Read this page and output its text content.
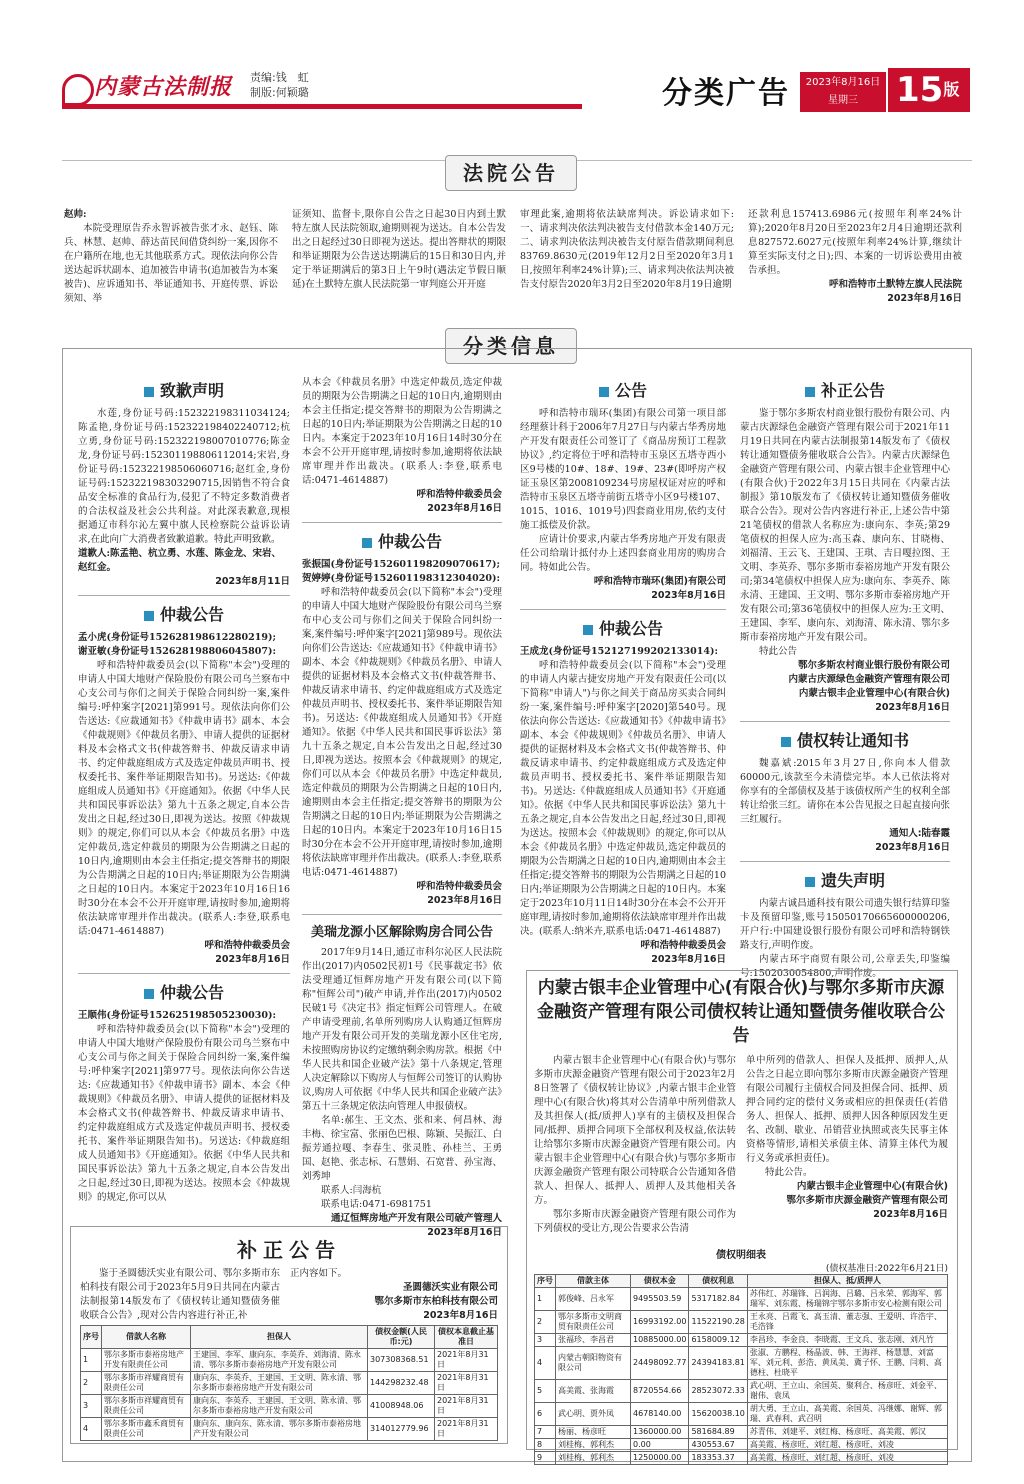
内蒙古法制报	责编:钱　虹
制版:何颖璐	分类广告	2023年8月16日
星期三	$15^版$
法院公告

赵帅:

本院受理原告乔永智诉被告张才永、赵钰、陈兵、林慧、赵帅、薛达苗民间借贷纠纷一案,因你不在户籍所在地,也无其他联系方式。现依法向你公告送达起诉状副本、追加被告申请书(追加被告为本案被告)、应诉通知书、举证通知书、开庭传票、诉讼须知、举

证须知、监督卡,限你自公告之日起30日内到土默特左旗人民法院领取,逾期则视为送达。自本公告发出之日起经过30日即视为送达。提出答辩状的期限和举证期限为公告送达期满后的15日和30日内,并定于举证期满后的第3日上午9时(遇法定节假日顺延)在土默特左旗人民法院第一审判庭公开开庭

审理此案,逾期将依法缺席判决。诉讼请求如下:一、请求判决依法判决被告支付借款本金140万元;二、请求判决依法判决被告支付原告借款期间利息83769.8630元(2019年12月2日至2020年3月1日,按照年利率24%计算);三、请求判决依法判决被告支付原告2020年3月2日至2020年8月19日逾期

还款利息157413.6986元(按照年利率24%计算);2020年8月20日至2023年2月4日逾期还款利息827572.6027元(按照年利率24%计算,继续计算至实际支付之日);四、本案的一切诉讼费用由被告承担。

呼和浩特市土默特左旗人民法院
2023年8月16日
分类信息
致歉声明

水莲,身份证号码:152322198311034124;陈孟艳,身份证号码:152322198402240712;杭立勇,身份证号码:152322198007010776;陈金龙,身份证号码:152301198806112014;宋岩,身份证号码:152322198506060716;赵红金,身份证号码:152322198303290715,因销售不符合食品安全标准的食品行为,侵犯了不特定多数消费者的合法权益及社会公共利益。对此深表歉意,现根据通辽市科尔沁左翼中旗人民检察院公益诉讼请求,在此向广大消费者致歉道歉。特此声明致歉。

道歉人:陈孟艳、杭立勇、水莲、陈金龙、宋岩、赵红金。

2023年8月11日
仲裁公告

孟小虎(身份证号152628198612280219);

谢亚敏(身份证号152628198806045807):

呼和浩特仲裁委员会(以下简称"本会")受理的申请人中国大地财产保险股份有限公司乌兰察布中心支公司与你们之间关于保险合同纠纷一案,案件编号:呼仲案字[2021]第991号。现依法向你们公告送达:《应裁通知书》《仲裁申请书》副本、本会《仲裁规则》《仲裁员名册》、申请人提供的证据材料及本会格式文书(仲裁答辩书、仲裁反请求申请书、约定仲裁庭组成方式及选定仲裁员声明书、授权委托书、案件举证期限告知书)。另送达:《仲裁庭组成人员通知书》《开庭通知》。依据《中华人民共和国民事诉讼法》第九十五条之规定,自本公告发出之日起,经过30日,即视为送达。按照《仲裁规则》的规定,你们可以从本会《仲裁员名册》中选定仲裁员,选定仲裁员的期限为公告期满之日起的10日内,逾期则由本会主任指定;提交答辩书的期限为公告期满之日起的10日内;举证期限为公告期满之日起的10日内。本案定于2023年10月16日16时30分在本会不公开开庭审理,请按时参加,逾期将依法缺席审理并作出裁决。(联系人:李登,联系电话:0471-4614887)

呼和浩特仲裁委员会
2023年8月16日
仲裁公告

王顺伟(身份证号152625198505230030):

呼和浩特仲裁委员会(以下简称"本会")受理的申请人中国大地财产保险股份有限公司乌兰察布中心支公司与你之间关于保险合同纠纷一案,案件编号:呼仲案字[2021]第977号。现依法向你公告送达:《应裁通知书》《仲裁申请书》副本、本会《仲裁规则》《仲裁员名册》、申请人提供的证据材料及本会格式文书(仲裁答辩书、仲裁反请求申请书、约定仲裁庭组成方式及选定仲裁员声明书、授权委托书、案件举证期限告知书)。另送达:《仲裁庭组成人员通知书》《开庭通知》。依据《中华人民共和国民事诉讼法》第九十五条之规定,自本公告发出之日起,经过30日,即视为送达。按照本会《仲裁规则》的规定,你可以从

从本会《仲裁员名册》中选定仲裁员,选定仲裁员的期限为公告期满之日起的10日内,逾期则由本会主任指定;提交答辩书的期限为公告期满之日起的10日内;举证期限为公告期满之日起的10日内。本案定于2023年10月16日14时30分在本会不公开开庭审理,请按时参加,逾期将依法缺席审理并作出裁决。(联系人:李登,联系电话:0471-4614887)

呼和浩特仲裁委员会
2023年8月16日
仲裁公告

张振国(身份证号152601198209070617);

贺婷婷(身份证号152601198312304020):

呼和浩特仲裁委员会(以下简称"本会")受理的申请人中国大地财产保险股份有限公司乌兰察布中心支公司与你们之间关于保险合同纠纷一案,案件编号:呼仲案字[2021]第989号。现依法向你们公告送达:《应裁通知书》《仲裁申请书》副本、本会《仲裁规则》《仲裁员名册》、申请人提供的证据材料及本会格式文书(仲裁答辩书、仲裁反请求申请书、约定仲裁庭组成方式及选定仲裁员声明书、授权委托书、案件举证期限告知书)。另送达:《仲裁庭组成人员通知书》《开庭通知》。依据《中华人民共和国民事诉讼法》第九十五条之规定,自本公告发出之日起,经过30日,即视为送达。按照本会《仲裁规则》的规定,你们可以从本会《仲裁员名册》中选定仲裁员,选定仲裁员的期限为公告期满之日起的10日内,逾期则由本会主任指定;提交答辩书的期限为公告期满之日起的10日内;举证期限为公告期满之日起的10日内。本案定于2023年10月16日15时30分在本会不公开开庭审理,请按时参加,逾期将依法缺席审理并作出裁决。(联系人:李登,联系电话:0471-4614887)

呼和浩特仲裁委员会
2023年8月16日
美瑞龙源小区解除购房合同公告

2017年9月14日,通辽市科尔沁区人民法院作出(2017)内0502民初1号《民事裁定书》依法受理通辽恒辉房地产开发有限公司(以下简称"恒辉公司")破产申请,并作出(2017)内0502民破1号《决定书》指定恒辉公司管理人。在破产申请受理前,名单所列购房人认购通辽恒辉房地产开发有限公司开发的美瑞龙源小区住宅房,未按照购房协议约定缴纳剩余购房款。根据《中华人民共和国企业破产法》第十八条规定,管理人决定解除以下购房人与恒辉公司签订的认购协议,购房人可依据《中华人民共和国企业破产法》第五十三条规定依法向管理人申报债权。

名单:郝生、王文杰、张和来、何昌林、海丰梅、徐宝富、张丽色巴根、陈颖、吴振江、白振芳通拉嘎、李春生、张灵胜、孙桂兰、王勇国、赵艳、张志标、石慧娟、石宽普、孙宝海、刘秀坤

联系人:闫海杭

联系电话:0471-6981751

通辽恒辉房地产开发有限公司破产管理人
2023年8月16日
公告

呼和浩特市瑞环(集团)有限公司第一项目部经理蔡计科于2006年7月27日与内蒙古华秀房地产开发有限责任公司签订了《商品房预订工程款协议》,约定将位于呼和浩特市玉泉区五塔寺西小区9号楼的10#、18#、19#、23#(即呼房产权证玉泉区第2008109234号房屋权证对应的呼和浩特市玉泉区五塔寺前街五塔寺小区9号楼107、1015、1016、1019号)四套商业用房,依约支付施工抵偿及价款。

应请计价要求,内蒙古华秀房地产开发有限责任公司给瑞计抵付办上述四套商业用房的购房合同。特如此公告。

呼和浩特市瑞环(集团)有限公司
2023年8月16日
仲裁公告

王成龙(身份证号152127199202133014):

呼和浩特仲裁委员会(以下简称"本会")受理的申请人内蒙古捷安房地产开发有限责任公司(以下简称"申请人")与你之间关于商品房买卖合同纠纷一案,案件编号:呼仲案字[2020]第540号。现依法向你公告送达:《应裁通知书》《仲裁申请书》副本、本会《仲裁规则》《仲裁员名册》、申请人提供的证据材料及本会格式文书(仲裁答辩书、仲裁反请求申请书、约定仲裁庭组成方式及选定仲裁员声明书、授权委托书、案件举证期限告知书)。另送达:《仲裁庭组成人员通知书》《开庭通知》。依据《中华人民共和国民事诉讼法》第九十五条之规定,自本公告发出之日起,经过30日,即视为送达。按照本会《仲裁规则》的规定,你可以从本会《仲裁员名册》中选定仲裁员,选定仲裁员的期限为公告期满之日起的10日内,逾期则由本会主任指定;提交答辩书的期限为公告期满之日起的10日内;举证期限为公告期满之日起的10日内。本案定于2023年10月11日14时30分在本会不公开开庭审理,请按时参加,逾期将依法缺席审理并作出裁决。(联系人:纳米卉,联系电话:0471-4614887)

呼和浩特仲裁委员会
2023年8月16日
补正公告

鉴于鄂尔多斯农村商业银行股份有限公司、内蒙古庆源绿色金融资产管理有限公司于2021年11月19日共同在内蒙古法制报第14版发布了《债权转让通知暨债务催收联合公告》。内蒙古庆源绿色金融资产管理有限公司、内蒙古银丰企业管理中心(有限合伙)于2022年3月15日共同在《内蒙古法制报》第10版发布了《债权转让通知暨债务催收联合公告》。现对公告内容进行补正,上述公告中第21笔债权的借款人名称应为:康向东、李英;第29笔债权的担保人应为:高玉森、康向东、甘晓梅、刘福清、王云飞、王建国、王琪、吉日嘎拉图、王文明、李英乔、鄂尔多斯市泰裕房地产开发有限公司;第34笔债权中担保人应为:康向东、李英乔、陈永清、王建国、王文明、鄂尔多斯市泰裕房地产开发有限公司;第36笔债权中的担保人应为:王文明、王建国、李军、康向东、刘海清、陈永清、鄂尔多斯市泰裕房地产开发有限公司。

特此公告

鄂尔多斯农村商业银行股份有限公司
内蒙古庆源绿色金融资产管理有限公司
内蒙古银丰企业管理中心(有限合伙)
2023年8月16日
债权转让通知书

魏嘉斌:2015年3月27日,你向本人借款60000元,该款至今未清偿完毕。本人已依法将对你享有的全部债权及基于该债权所产生的权利全部转让给张三红。请你在本公告见报之日起直接向张三红履行。

通知人:陆春霞
2023年8月16日
遗失声明

内蒙古诚昌通科技有限公司遗失银行结算印鉴卡及预留印鉴,账号15050170665600000206,开户行:中国建设银行股份有限公司呼和浩特钢铁路支行,声明作废。

内蒙古环宇商贸有限公司,公章丢失,印鉴编号:1502030054800,声明作废。

补正公告

鉴于圣圆德沃实业有限公司、鄂尔多斯市东柏科技有限公司于2023年5月9日共同在内蒙古法制报第14版发布了《债权转让通知暨债务催收联合公告》,现对公告内容进行补正,补

正内容如下。

圣圆德沃实业有限公司
鄂尔多斯市东柏科技有限公司
2023年8月16日
序号	借款人名称	担保人	债权金额(人民币:元)	债权本息截止基准日
1	鄂尔多斯市泰裕房地产开发有限责任公司	王建国、李军、康向东、李英乔、刘海清、陈永清、鄂尔多斯市泰裕房地产开发有限公司	307308368.51	2021年8月31日
2	鄂尔多斯市祥耀商贸有限责任公司	康向东、李英乔、王建国、王文明、陈永清、鄂尔多斯市泰裕房地产开发有限公司	144298232.48	2021年8月31日
3	鄂尔多斯市祥耀商贸有限责任公司	康向东、李英乔、王建国、王文明、陈永清、鄂尔多斯市泰裕房地产开发有限公司	41008948.06	2021年8月31日
4	鄂尔多斯市鑫禾商贸有限责任公司	康向东、康向东、陈永清、鄂尔多斯市泰裕房地产开发有限公司	314012779.96	2021年8月31日
内蒙古银丰企业管理中心(有限合伙)与鄂尔多斯市庆源金融资产管理有限公司债权转让通知暨债务催收联合公告

内蒙古银丰企业管理中心(有限合伙)与鄂尔多斯市庆源金融资产管理有限公司于2023年2月8日签署了《债权转让协议》,内蒙古银丰企业管理中心(有限合伙)将其对公告清单中所列借款人及其担保人(抵/质押人)享有的主债权及担保合同/抵押、质押合同项下全部权利及权益,依法转让给鄂尔多斯市庆源金融资产管理有限公司。内蒙古银丰企业管理中心(有限合伙)与鄂尔多斯市庆源金融资产管理有限公司特联合公告通知各借款人、担保人、抵押人、质押人及其他相关各方。

鄂尔多斯市庆源金融资产管理有限公司作为下列债权的受让方,现公告要求公告清

单中所列的借款人、担保人及抵押、质押人,从公告之日起立即向鄂尔多斯市庆源金融资产管理有限公司履行主债权合同及担保合同、抵押、质押合同约定的偿付义务或相应的担保责任(若借务人、担保人、抵押、质押人因各种原因发生更名、改制、歇业、吊销营业执照或丧失民事主体资格等情形,请相关承债主体、清算主体代为履行义务或承担责任)。

特此公告。

内蒙古银丰企业管理中心(有限合伙)
鄂尔多斯市庆源金融资产管理有限公司
2023年8月16日
债权明细表
(债权基准日:2022年6月21日)
序号	借款主体	债权本金	债权利息	担保人、抵/质押人
1	郭俊峰、吕永军	9495503.59	5317182.84	苏伟红、苏瑞锋、吕润海、吕璐、吕永荣、郭海军、郭瑞军、刘东霞、杨瑞锦宇鄂尔多斯市安心检测有限公司
2	鄂尔多斯市文明商贸有限责任公司	16993192.00	11522190.28	王永亮、吕霞飞、高玉清、董志强、王爱明、许浩宇、毛浩锋
3	张福珍、李昌君	10885000.00	6158009.12	李昌珍、李金良、李晓霞、王文兵、张志刚、刘凡竹
4	内蒙古朝阳物资有限公司	24498092.77	24394183.81	张淑、方鹏程、杨晶波、韩、王海祥、杨慧慧、刘富军、刘元利、彭浩、黄凤美、冀子怀、王鹏、闫莉、高德柱、杜晓平
5	高美霞、张海霞	8720554.66	28523072.33	武心明、王立山、余国英、聚利合、杨彦旺、刘金平、谢伟、袁凤
6	武心明、贾外凤	4678140.00	15620038.10	胡大勇、王立山、高美霞、余国英、冯继娜、谢辉、郭瑞、武春利、武召明
7	杨丽、杨彦旺	1360000.00	581684.89	苏青伟、刘建平、刘红梅、杨彦旺、高美霞、郭汉
8	刘桂梅、郭利杰	0.00	430553.67	高美霞、杨彦旺、刘红超、杨彦旺、刘凌
9	刘桂梅、郭利杰	1250000.00	183353.37	高美霞、杨彦旺、刘红超、杨彦旺、刘凌
